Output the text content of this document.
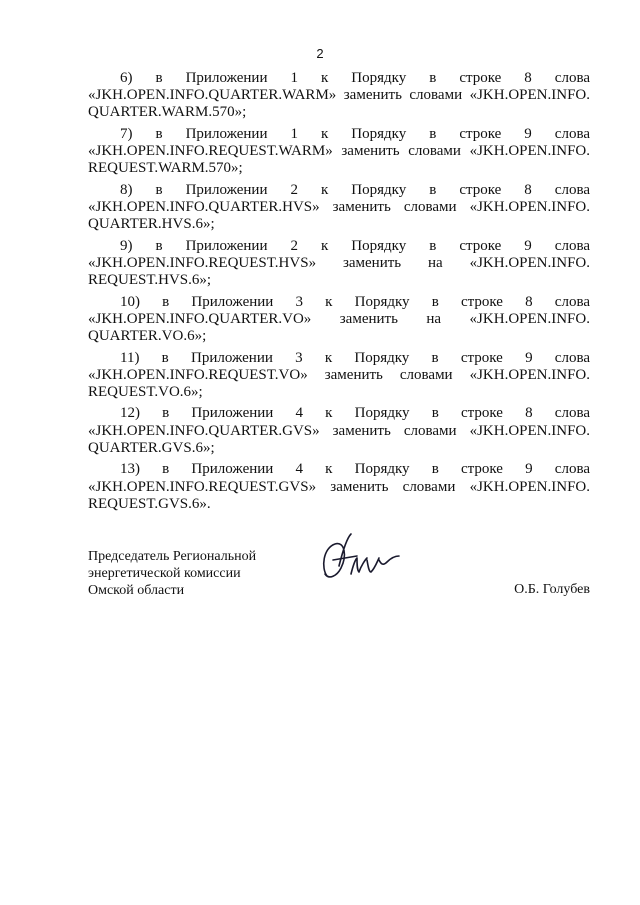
2
6) в Приложении 1 к Порядку в строке 8 слова
«JKH.OPEN.INFO.QUARTER.WARM» заменить словами «JKH.OPEN.INFO.
QUARTER.WARM.570»;
7) в Приложении 1 к Порядку в строке 9 слова
«JKH.OPEN.INFO.REQUEST.WARM» заменить словами «JKH.OPEN.INFO.
REQUEST.WARM.570»;
8) в Приложении 2 к Порядку в строке 8 слова
«JKH.OPEN.INFO.QUARTER.HVS» заменить словами «JKH.OPEN.INFO.
QUARTER.HVS.6»;
9) в Приложении 2 к Порядку в строке 9 слова
«JKH.OPEN.INFO.REQUEST.HVS» заменить на «JKH.OPEN.INFO.
REQUEST.HVS.6»;
10) в Приложении 3 к Порядку в строке 8 слова
«JKH.OPEN.INFO.QUARTER.VO» заменить на «JKH.OPEN.INFO.
QUARTER.VO.6»;
11) в Приложении 3 к Порядку в строке 9 слова
«JKH.OPEN.INFO.REQUEST.VO» заменить словами «JKH.OPEN.INFO.
REQUEST.VO.6»;
12) в Приложении 4 к Порядку в строке 8 слова
«JKH.OPEN.INFO.QUARTER.GVS» заменить словами «JKH.OPEN.INFO.
QUARTER.GVS.6»;
13) в Приложении 4 к Порядку в строке 9 слова
«JKH.OPEN.INFO.REQUEST.GVS» заменить словами «JKH.OPEN.INFO.
REQUEST.GVS.6».
Председатель Региональной
энергетической комиссии
Омской области	О.Б. Голубев
